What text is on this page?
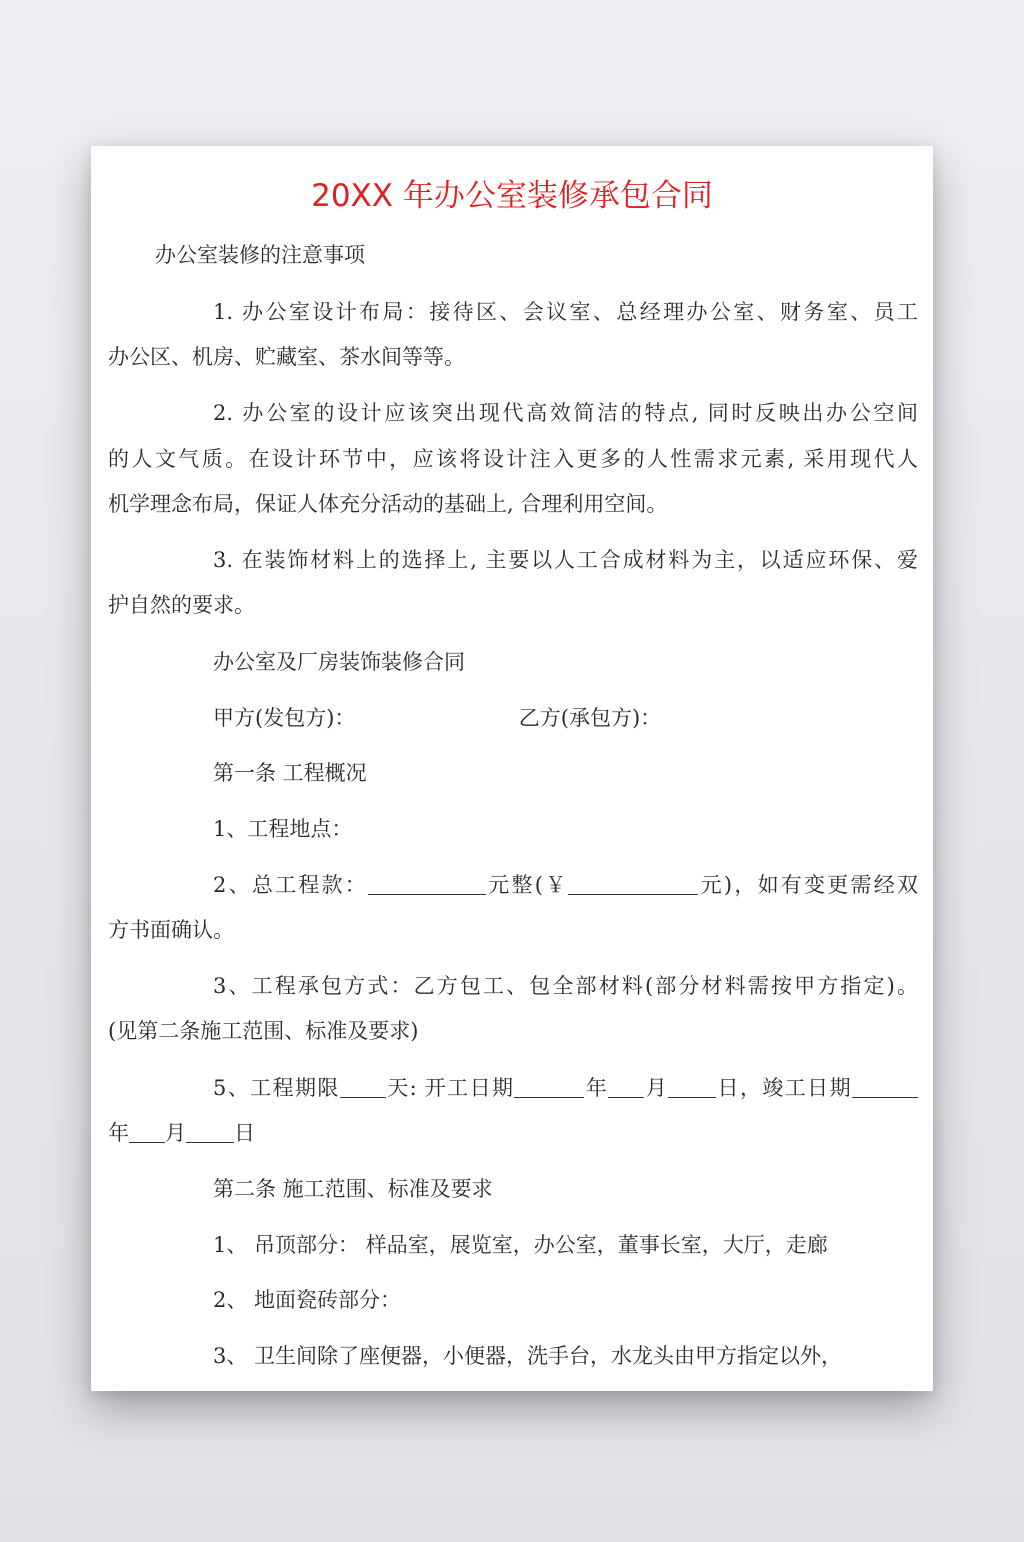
20XX 年办公室装修承包合同
办公室装修的注意事项
1. 办公室设计布局：接待区、会议室、总经理办公室、财务室、员工
办公区、机房、贮藏室、茶水间等等。
2. 办公室的设计应该突出现代高效简洁的特点, 同时反映出办公空间
的人文气质。在设计环节中，应该将设计注入更多的人性需求元素, 采用现代人
机学理念布局，保证人体充分活动的基础上, 合理利用空间。
3. 在装饰材料上的选择上, 主要以人工合成材料为主，以适应环保、爱
护自然的要求。
办公室及厂房装饰装修合同
甲方(发包方)：	乙方(承包方)：
第一条 工程概况
1、工程地点：
2、总工程款：	元整(￥	元)，如有变更需经双
方书面确认。
3、工程承包方式：乙方包工、包全部材料(部分材料需按甲方指定)。
(见第二条施工范围、标准及要求)
5、工程期限 天: 开工日期	年 月 日，竣工日期
年 月 日
第二条 施工范围、标准及要求
1、 吊顶部分： 样品室，展览室，办公室，董事长室，大厅，走廊
2、 地面瓷砖部分：
3、 卫生间除了座便器，小便器，洗手台，水龙头由甲方指定以外，
